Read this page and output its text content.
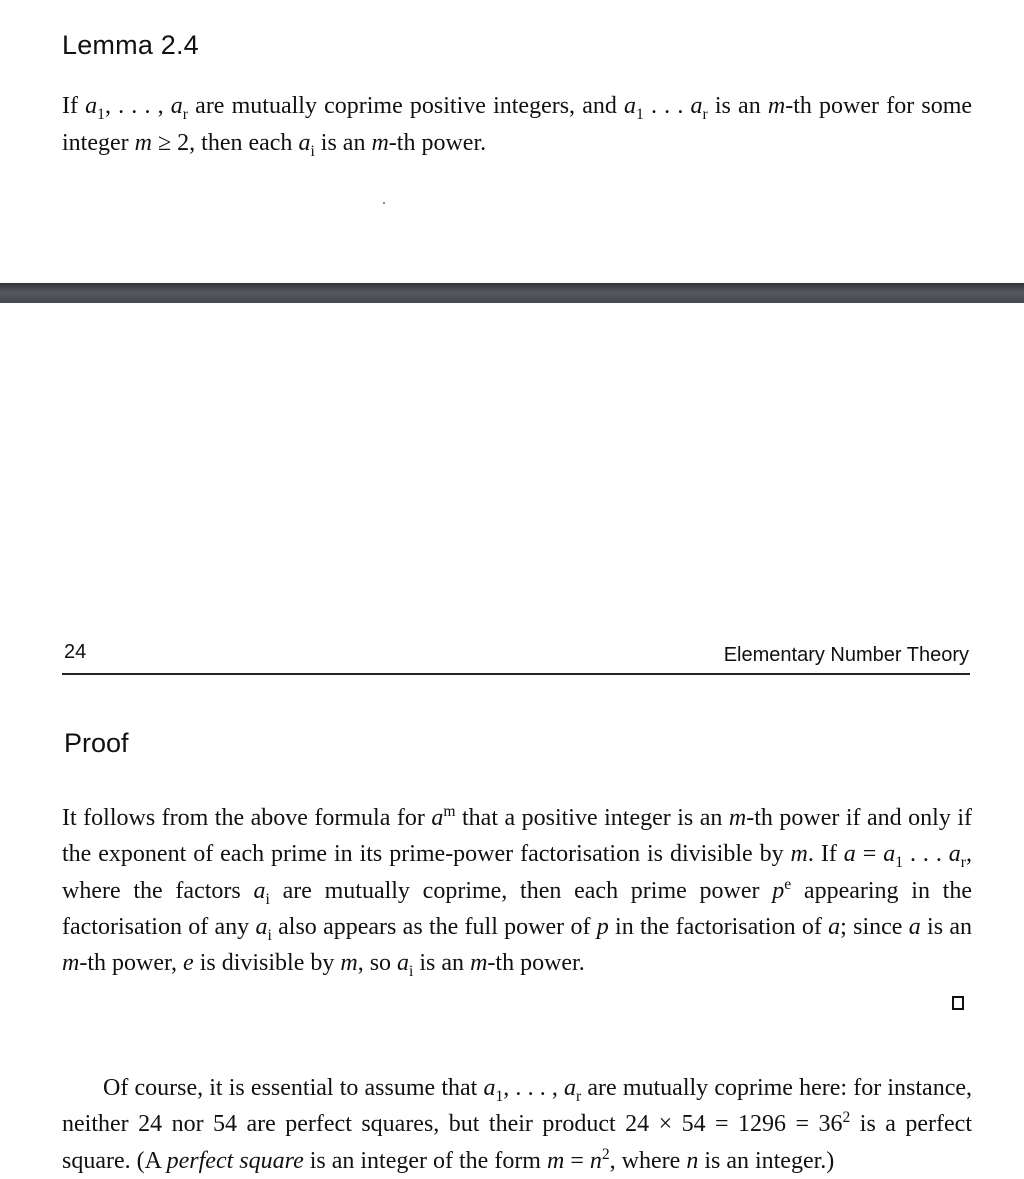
Lemma 2.4
If $a_1$, . . . , $a_r$ are mutually coprime positive integers, and $a_1$ . . . $a_r$ is an m-th power for some integer m ≥ 2, then each $a_i$ is an m-th power.
24	Elementary Number Theory
Proof
It follows from the above formula for $a^m$ that a positive integer is an m-th power if and only if the exponent of each prime in its prime-power factorisation is divisible by m. If $a = a_1$ . . . $a_r$, where the factors $a_i$ are mutually coprime, then each prime power $p^e$ appearing in the factorisation of any $a_i$ also appears as the full power of p in the factorisation of a; since a is an m-th power, e is divisible by m, so $a_i$ is an m-th power.
Of course, it is essential to assume that $a_1$, . . . , $a_r$ are mutually coprime here: for instance, neither 24 nor 54 are perfect squares, but their product $24 \times 54 = 1296 = 36^2$ is a perfect square. (A perfect square is an integer of the form $m = n^2$, where n is an integer.)
